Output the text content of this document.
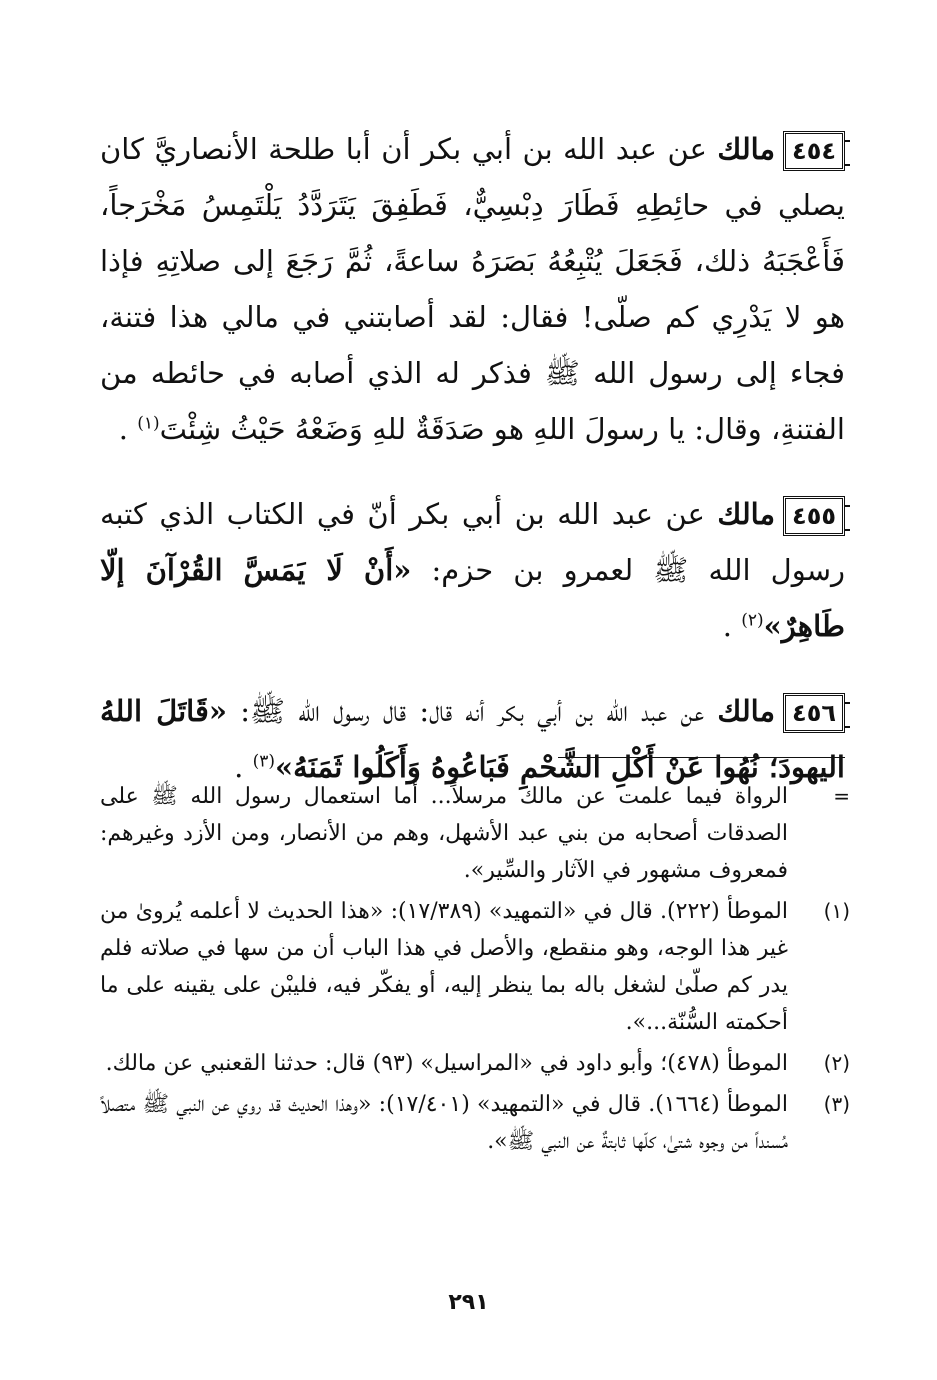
٤٥٤مالك عن عبد الله بن أبي بكر أن أبا طلحة الأنصاريَّ كان يصلي في حائِطِهِ فَطَارَ دِبْسِيٌّ، فَطَفِقَ يَتَرَدَّدُ يَلْتَمِسُ مَخْرَجاً، فَأَعْجَبَهُ ذلك، فَجَعَلَ يُتْبِعُهُ بَصَرَهُ ساعةً، ثُمَّ رَجَعَ إلى صلاتِهِ فإذا هو لا يَدْرِي كم صلّى! فقال: لقد أصابتني في مالي هذا فتنة، فجاء إلى رسول الله ﷺ فذكر له الذي أصابه في حائطه من الفتنةِ، وقال: يا رسولَ اللهِ هو صَدَقَةٌ للهِ وَضَعْهُ حَيْثُ شِئْتَ$^{(١)}$ .

٤٥٥مالك عن عبد الله بن أبي بكر أنّ في الكتاب الذي كتبه رسول الله ﷺ لعمرو بن حزم: «أَنْ لَا يَمَسَّ القُرْآنَ إلّا طَاهِرٌ»$^{(٢)}$ .

٤٥٦مالك عن عبد الله بن أبي بكر أنه قال: قال رسول الله ﷺ: «قَاتَلَ اللهُ اليهودَ؛ نُهُوا عَنْ أَكْلِ الشَّحْمِ فَبَاعُوهُ وَأَكَلُوا ثَمَنَهُ»$^{(٣)}$ .

=
الرواة فيما علمت عن مالك مرسلاً... أما استعمال رسول الله ﷺ على الصدقات أصحابه من بني عبد الأشهل، وهم من الأنصار، ومن الأزد وغيرهم: فمعروف مشهور في الآثار والسِّير».
(١)
الموطأ (٢٢٢). قال في «التمهيد» (١٧/٣٨٩): «هذا الحديث لا أعلمه يُروىٰ من غير هذا الوجه، وهو منقطع، والأصل في هذا الباب أن من سها في صلاته فلم يدر كم صلّىٰ لشغل باله بما ينظر إليه، أو يفكّر فيه، فليبْن على يقينه على ما أحكمته السُّنّة...».
(٢)
الموطأ (٤٧٨)؛ وأبو داود في «المراسيل» (٩٣) قال: حدثنا القعنبي عن مالك.
(٣)
الموطأ (١٦٦٤). قال في «التمهيد» (١٧/٤٠١): «وهذا الحديث قد روي عن النبي ﷺ متصلاً مُسنداً من وجوه شتىٰ، كلّها ثابتةٌ عن النبي ﷺ».
٢٩١
